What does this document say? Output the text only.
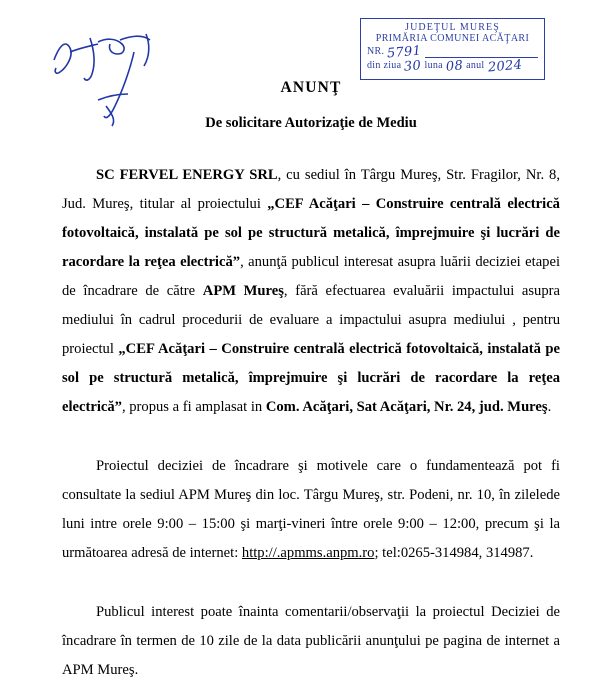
JUDEŢUL MUREŞ
PRIMĂRIA COMUNEI ACĂŢARI
NR. 5791
din ziua 30 luna 08 anul 2024
ANUNŢ
De solicitare Autorizaţie de Mediu

SC FERVEL ENERGY SRL, cu sediul în Târgu Mureş, Str. Fragilor, Nr. 8, Jud. Mureş, titular al proiectului „CEF Acăţari – Construire centrală electrică fotovoltaică, instalată pe sol pe structură metalică, împrejmuire şi lucrări de racordare la reţea electrică”, anunţă publicul interesat asupra luării deciziei etapei de încadrare de către APM Mureş, fără efectuarea evaluării impactului asupra mediului în cadrul procedurii de evaluare a impactului asupra mediului , pentru proiectul „CEF Acăţari – Construire centrală electrică fotovoltaică, instalată pe sol pe structură metalică, împrejmuire şi lucrări de racordare la reţea electrică”, propus a fi amplasat in Com. Acăţari, Sat Acăţari, Nr. 24, jud. Mureş.

Proiectul deciziei de încadrare şi motivele care o fundamentează pot fi consultate la sediul APM Mureş din loc. Târgu Mureş, str. Podeni, nr. 10, în zilelede luni intre orele 9:00 – 15:00 şi marţi-vineri între orele 9:00 – 12:00, precum şi la următoarea adresă de internet: http://.apmms.anpm.ro; tel:0265-314984, 314987.

Publicul interest poate înainta comentarii/observaţii la proiectul Deciziei de încadrare în termen de 10 zile de la data publicării anunţului pe pagina de internet a APM Mureş.
